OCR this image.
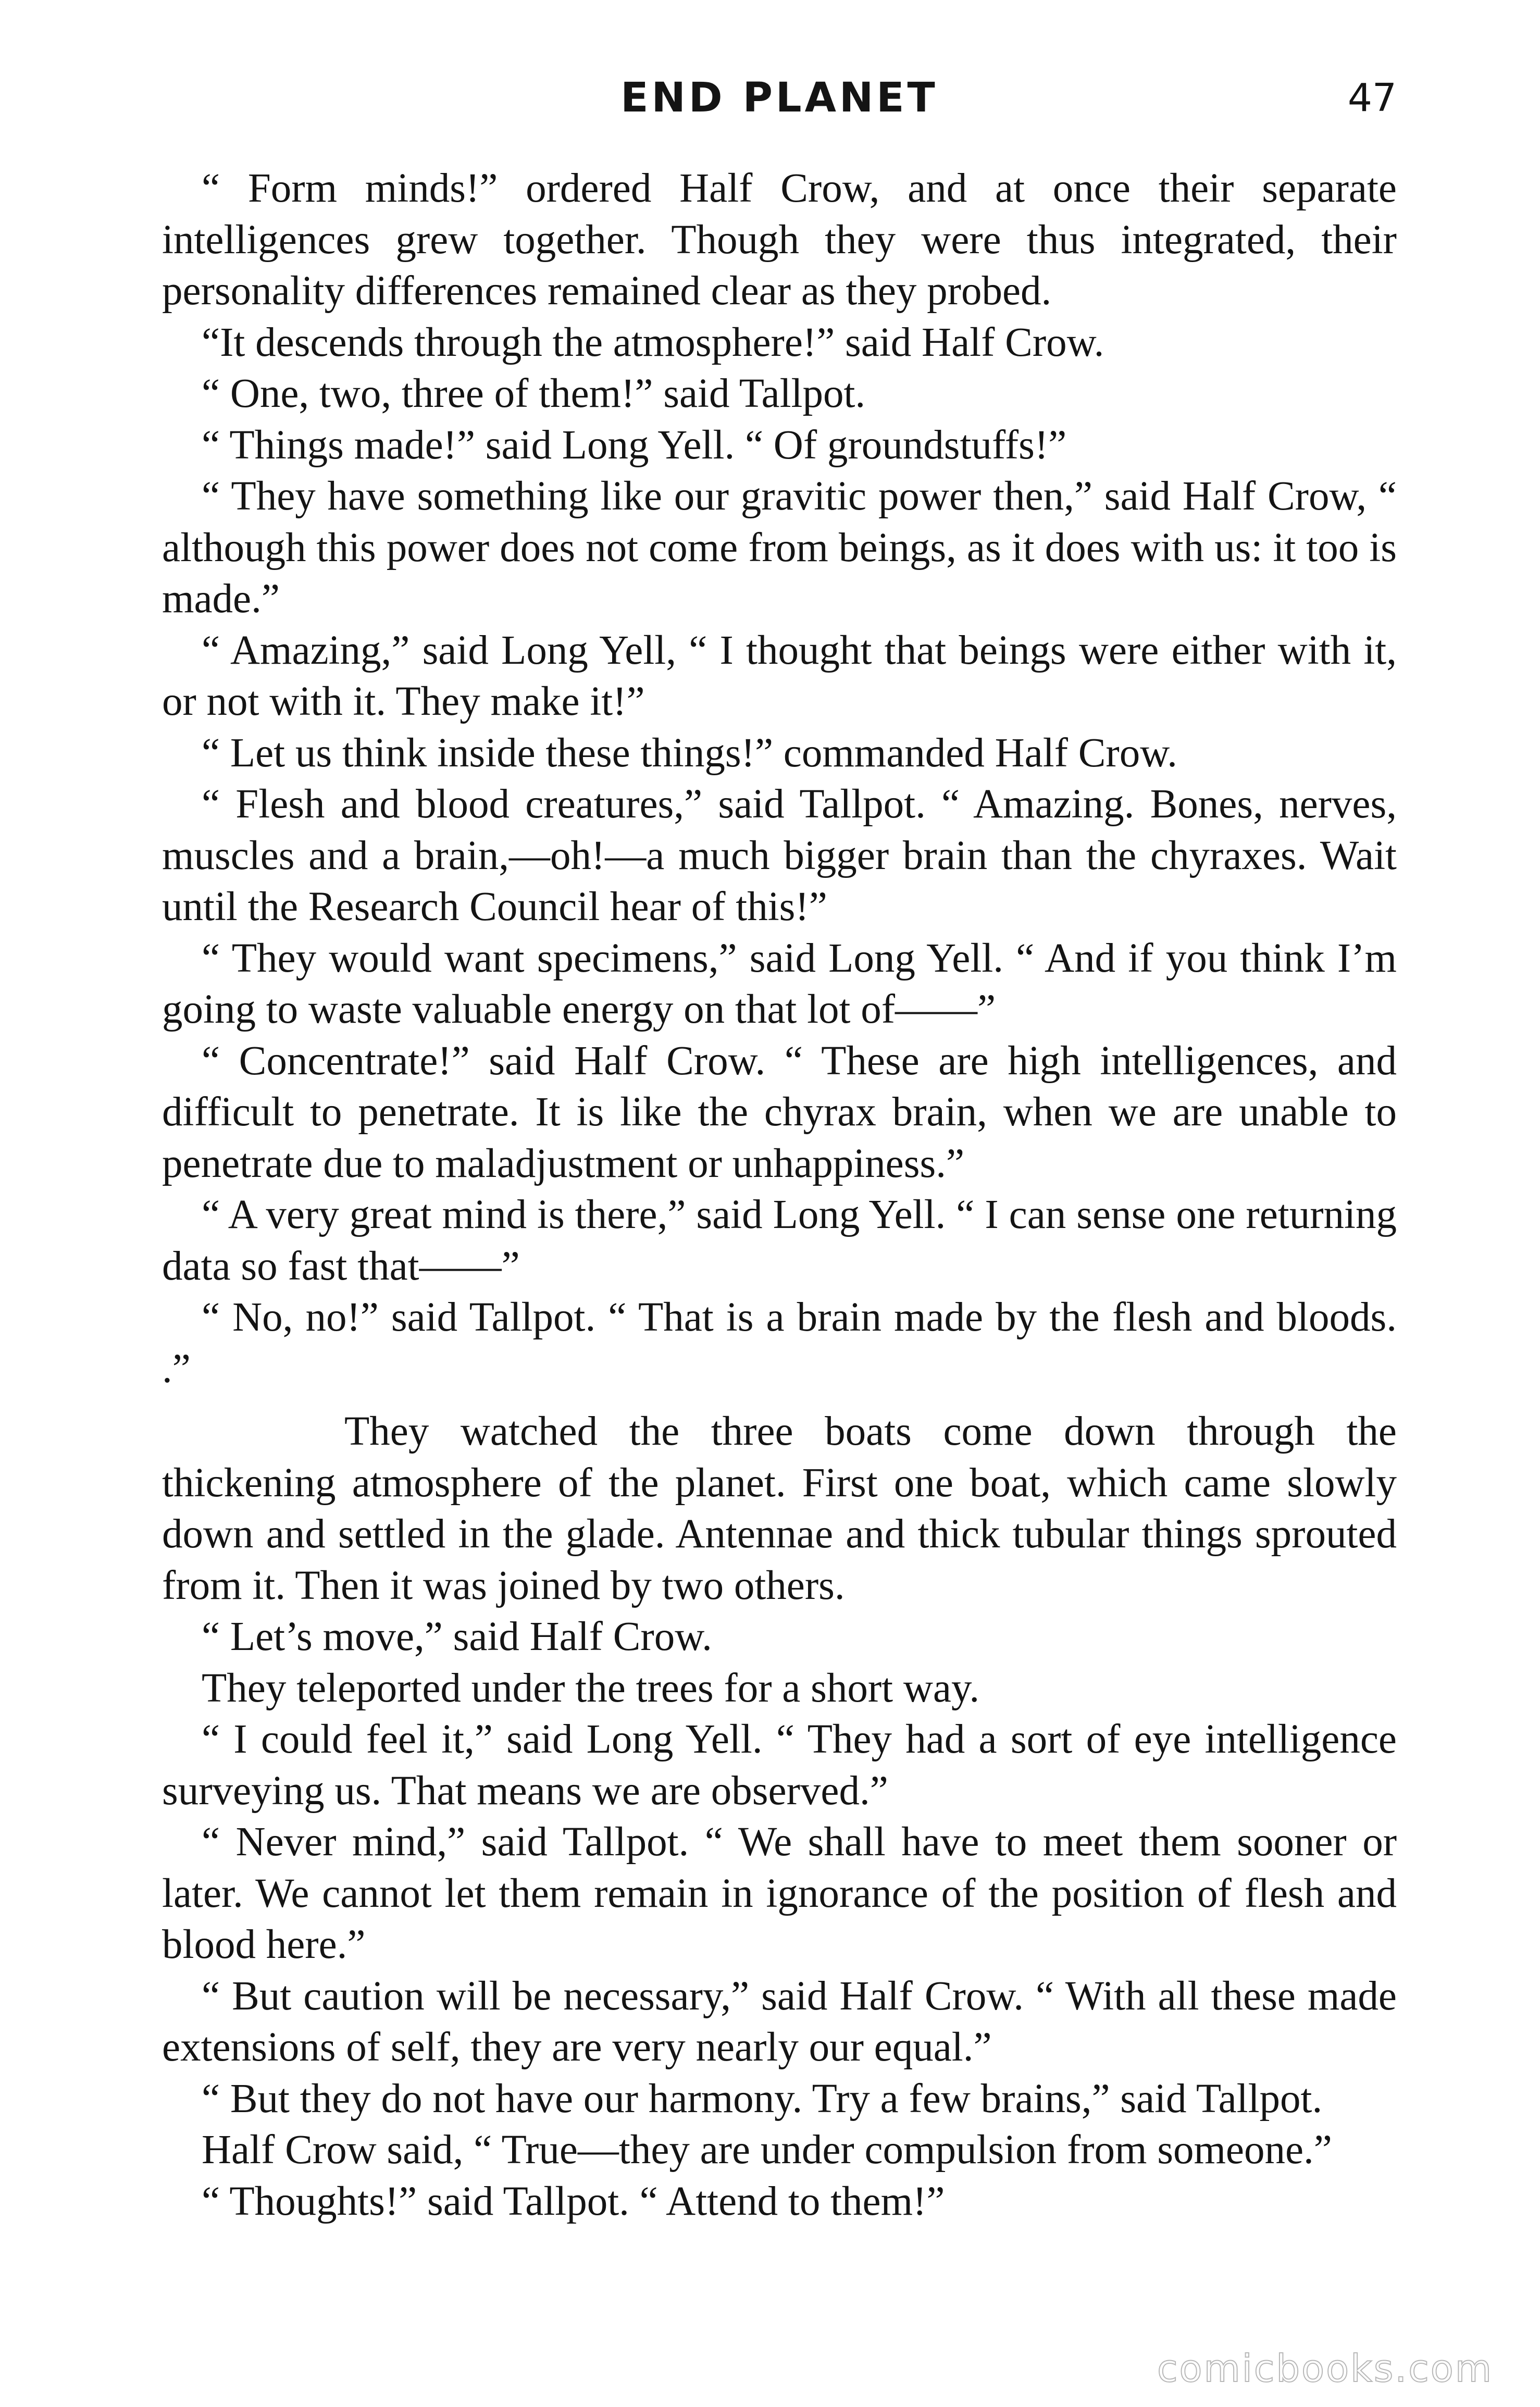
END PLANET	47

“ Form minds!” ordered Half Crow, and at once their separate intelligences grew together. Though they were thus integrated, their personality differences remained clear as they probed.

“It descends through the atmosphere!” said Half Crow.

“ One, two, three of them!” said Tallpot.

“ Things made!” said Long Yell. “ Of groundstuffs!”

“ They have something like our gravitic power then,” said Half Crow, “ although this power does not come from beings, as it does with us: it too is made.”

“ Amazing,” said Long Yell, “ I thought that beings were either with it, or not with it. They make it!”

“ Let us think inside these things!” commanded Half Crow.

“ Flesh and blood creatures,” said Tallpot. “ Amazing. Bones, nerves, muscles and a brain,—oh!—a much bigger brain than the chyraxes. Wait until the Research Council hear of this!”

“ They would want specimens,” said Long Yell. “ And if you think I’m going to waste valuable energy on that lot of——”

“ Concentrate!” said Half Crow. “ These are high intelligences, and difficult to penetrate. It is like the chyrax brain, when we are unable to penetrate due to maladjustment or unhappiness.”

“ A very great mind is there,” said Long Yell. “ I can sense one returning data so fast that——”

“ No, no!” said Tallpot. “ That is a brain made by the flesh and bloods. .”

They watched the three boats come down through the thickening atmosphere of the planet. First one boat, which came slowly down and settled in the glade. Antennae and thick tubular things sprouted from it. Then it was joined by two others.

“ Let’s move,” said Half Crow.

They teleported under the trees for a short way.

“ I could feel it,” said Long Yell. “ They had a sort of eye intelligence surveying us. That means we are observed.”

“ Never mind,” said Tallpot. “ We shall have to meet them sooner or later. We cannot let them remain in ignorance of the position of flesh and blood here.”

“ But caution will be necessary,” said Half Crow. “ With all these made extensions of self, they are very nearly our equal.”

“ But they do not have our harmony. Try a few brains,” said Tallpot.

Half Crow said, “ True—they are under compulsion from someone.”

“ Thoughts!” said Tallpot. “ Attend to them!”

comicbooks.com
